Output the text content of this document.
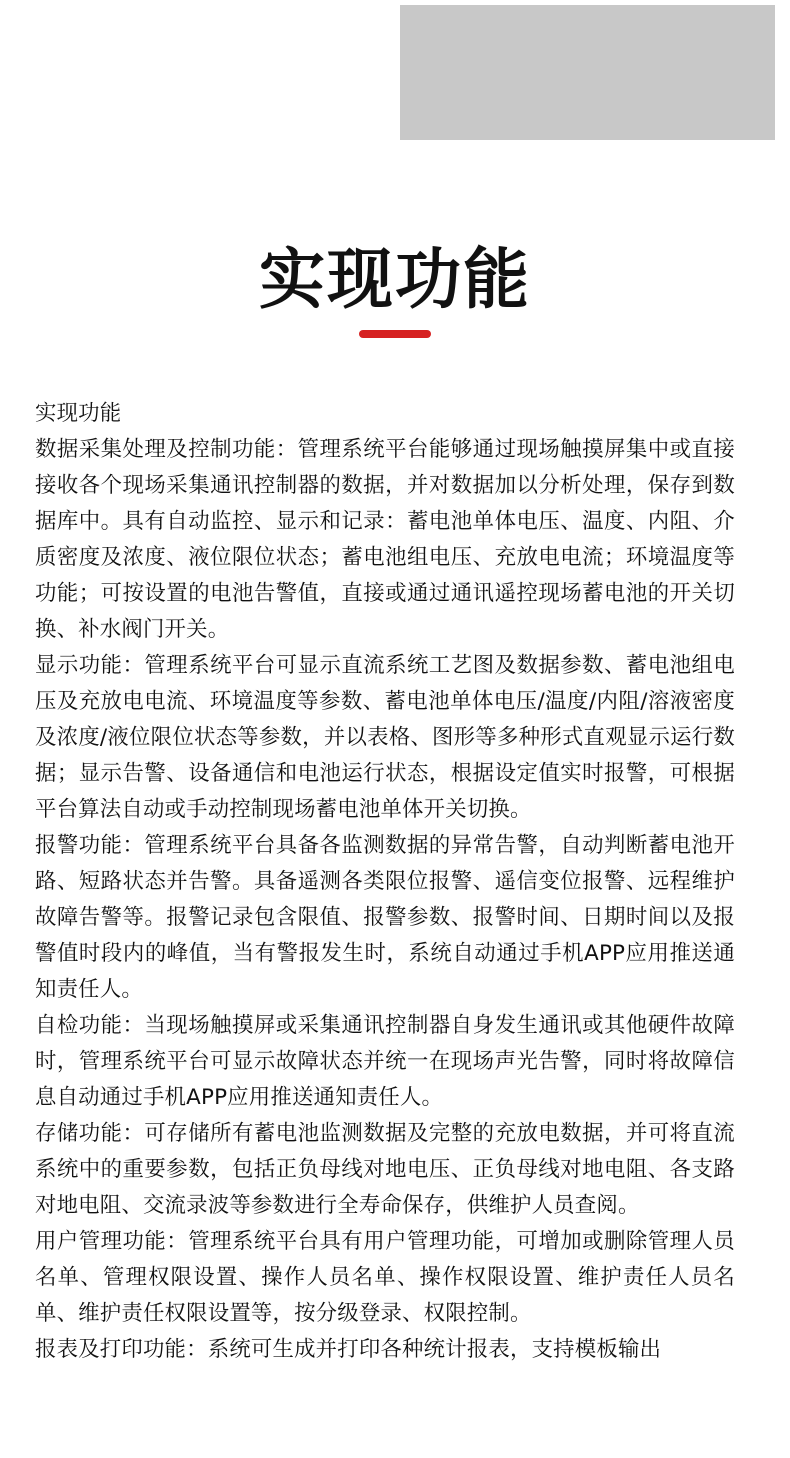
实现功能

实现功能

数据采集处理及控制功能：管理系统平台能够通过现场触摸屏集中或直接接收各个现场采集通讯控制器的数据，并对数据加以分析处理，保存到数据库中。具有自动监控、显示和记录：蓄电池单体电压、温度、内阻、介质密度及浓度、液位限位状态；蓄电池组电压、充放电电流；环境温度等功能；可按设置的电池告警值，直接或通过通讯遥控现场蓄电池的开关切换、补水阀门开关。

显示功能：管理系统平台可显示直流系统工艺图及数据参数、蓄电池组电压及充放电电流、环境温度等参数、蓄电池单体电压/温度/内阻/溶液密度及浓度/液位限位状态等参数，并以表格、图形等多种形式直观显示运行数据；显示告警、设备通信和电池运行状态，根据设定值实时报警，可根据平台算法自动或手动控制现场蓄电池单体开关切换。

报警功能：管理系统平台具备各监测数据的异常告警，自动判断蓄电池开路、短路状态并告警。具备遥测各类限位报警、遥信变位报警、远程维护故障告警等。报警记录包含限值、报警参数、报警时间、日期时间以及报警值时段内的峰值，当有警报发生时，系统自动通过手机APP应用推送通知责任人。

自检功能：当现场触摸屏或采集通讯控制器自身发生通讯或其他硬件故障时，管理系统平台可显示故障状态并统一在现场声光告警，同时将故障信息自动通过手机APP应用推送通知责任人。

存储功能：可存储所有蓄电池监测数据及完整的充放电数据，并可将直流系统中的重要参数，包括正负母线对地电压、正负母线对地电阻、各支路对地电阻、交流录波等参数进行全寿命保存，供维护人员查阅。

用户管理功能：管理系统平台具有用户管理功能，可增加或删除管理人员名单、管理权限设置、操作人员名单、操作权限设置、维护责任人员名单、维护责任权限设置等，按分级登录、权限控制。

报表及打印功能：系统可生成并打印各种统计报表，支持模板输出
